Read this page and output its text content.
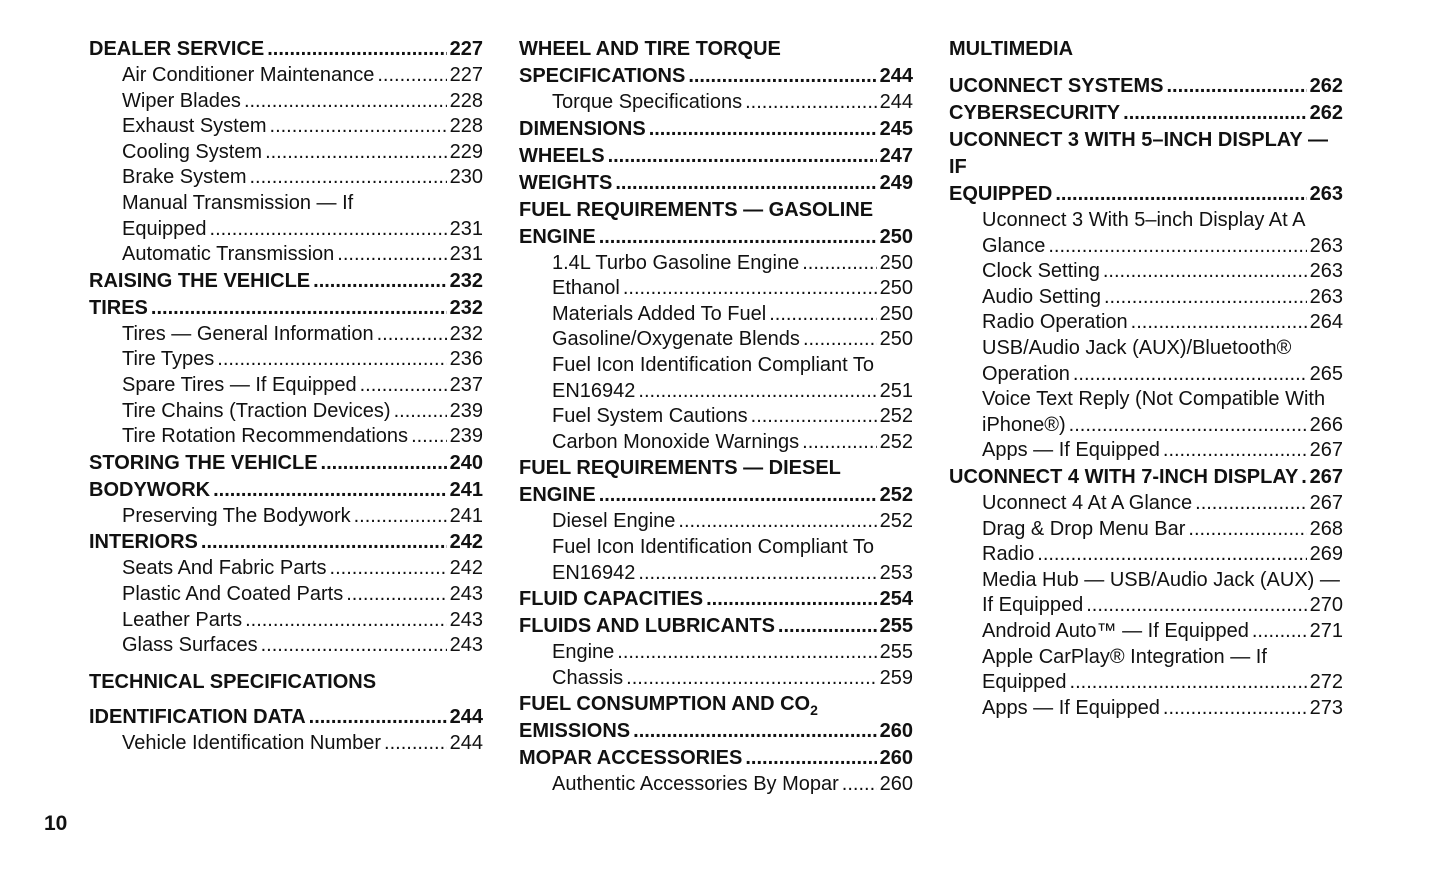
DEALER SERVICE .....	227
Air Conditioner Maintenance .....	227
Wiper Blades .....	228
Exhaust System .....	228
Cooling System .....	229
Brake System .....	230
Manual Transmission — If
Equipped .....	231
Automatic Transmission .....	231
RAISING THE VEHICLE .....	232
TIRES .....	232
Tires — General Information .....	232
Tire Types .....	236
Spare Tires — If Equipped .....	237
Tire Chains (Traction Devices) .....	239
Tire Rotation Recommendations ..... 239
STORING THE VEHICLE .....	240
BODYWORK .....	241
Preserving The Bodywork .....	241
INTERIORS .....	242
Seats And Fabric Parts .....	242
Plastic And Coated Parts .....	243
Leather Parts .....	243
Glass Surfaces .....	243
TECHNICAL SPECIFICATIONS
IDENTIFICATION DATA .....	244
Vehicle Identification Number .....	244
WHEEL AND TIRE TORQUE
SPECIFICATIONS .....	244
Torque Specifications .....	244
DIMENSIONS .....	245
WHEELS .....	247
WEIGHTS .....	249
FUEL REQUIREMENTS — GASOLINE
ENGINE .....	250
1.4L Turbo Gasoline Engine .....	250
Ethanol .....	250
Materials Added To Fuel .....	250
Gasoline/Oxygenate Blends .....	250
Fuel Icon Identification Compliant To
EN16942 .....	251
Fuel System Cautions .....	252
Carbon Monoxide Warnings .....	252
FUEL REQUIREMENTS — DIESEL
ENGINE .....	252
Diesel Engine .....	252
Fuel Icon Identification Compliant To
EN16942 .....	253
FLUID CAPACITIES .....	254
FLUIDS AND LUBRICANTS .....	255
Engine .....	255
Chassis .....	259
FUEL CONSUMPTION AND $CO_2$
EMISSIONS .....	260
MOPAR ACCESSORIES .....	260
Authentic Accessories By Mopar ..... 260
MULTIMEDIA
UCONNECT SYSTEMS .....	262
CYBERSECURITY .....	262
UCONNECT 3 WITH 5–INCH DISPLAY — IF
EQUIPPED .....	263
Uconnect 3 With 5–inch Display At A
Glance .....	263
Clock Setting .....	263
Audio Setting .....	263
Radio Operation .....	264
USB/Audio Jack (AUX)/Bluetooth®
Operation .....	265
Voice Text Reply (Not Compatible With
iPhone®) .....	266
Apps — If Equipped .....	267
UCONNECT 4 WITH 7-INCH DISPLAY ..... 267
Uconnect 4 At A Glance .....	267
Drag & Drop Menu Bar .....	268
Radio .....	269
Media Hub — USB/Audio Jack (AUX) —
If Equipped .....	270
Android Auto™ — If Equipped .....	271
Apple CarPlay® Integration — If
Equipped .....	272
Apps — If Equipped .....	273
10
